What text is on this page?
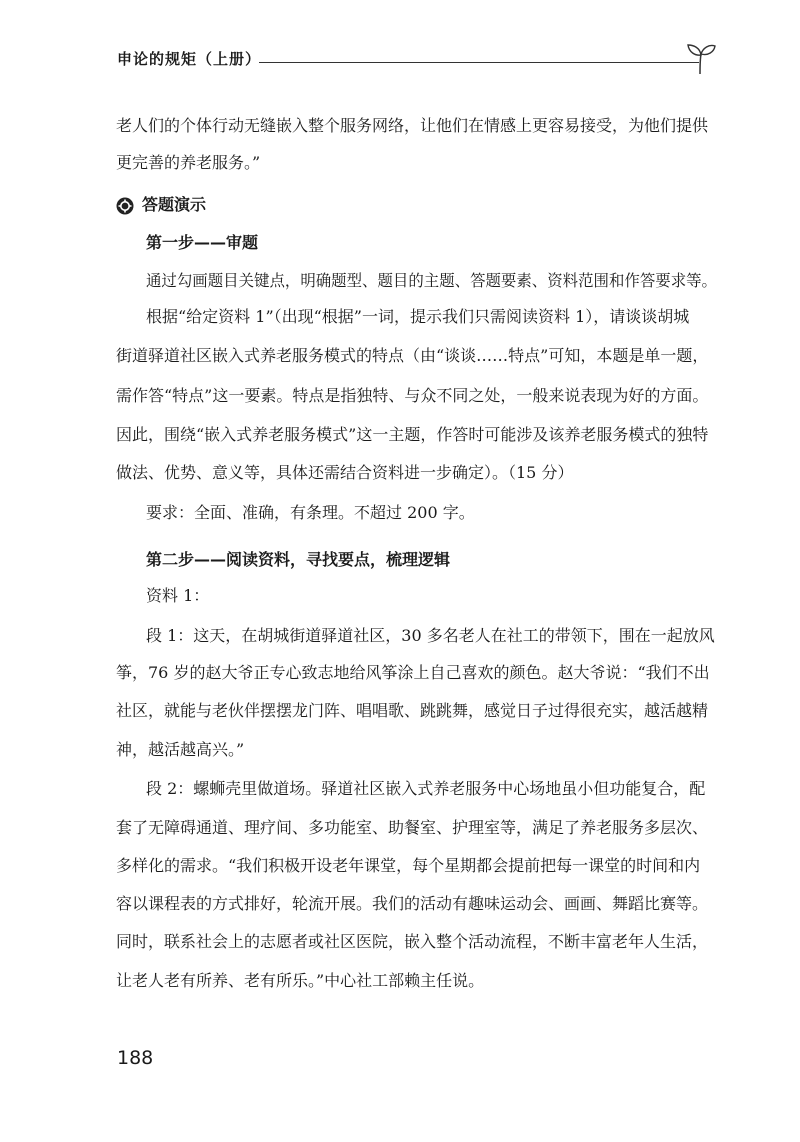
申论的规矩（上册）
老人们的个体行动无缝嵌入整个服务网络，让他们在情感上更容易接受，为他们提供
更完善的养老服务。”
答题演示
第一步——审题
通过勾画题目关键点，明确题型、题目的主题、答题要素、资料范围和作答要求等。
根据“给定资料 1”（出现“根据”一词，提示我们只需阅读资料 1），请谈谈胡城
街道驿道社区嵌入式养老服务模式的特点（由“谈谈……特点”可知，本题是单一题，
需作答“特点”这一要素。特点是指独特、与众不同之处，一般来说表现为好的方面。
因此，围绕“嵌入式养老服务模式”这一主题，作答时可能涉及该养老服务模式的独特
做法、优势、意义等，具体还需结合资料进一步确定）。（15 分）
要求：全面、准确，有条理。不超过 200 字。
第二步——阅读资料，寻找要点，梳理逻辑
资料 1：
段 1：这天，在胡城街道驿道社区，30 多名老人在社工的带领下，围在一起放风
筝，76 岁的赵大爷正专心致志地给风筝涂上自己喜欢的颜色。赵大爷说：“我们不出
社区，就能与老伙伴摆摆龙门阵、唱唱歌、跳跳舞，感觉日子过得很充实，越活越精
神，越活越高兴。”
段 2：螺蛳壳里做道场。驿道社区嵌入式养老服务中心场地虽小但功能复合，配
套了无障碍通道、理疗间、多功能室、助餐室、护理室等，满足了养老服务多层次、
多样化的需求。“我们积极开设老年课堂，每个星期都会提前把每一课堂的时间和内
容以课程表的方式排好，轮流开展。我们的活动有趣味运动会、画画、舞蹈比赛等。
同时，联系社会上的志愿者或社区医院，嵌入整个活动流程，不断丰富老年人生活，
让老人老有所养、老有所乐。”中心社工部赖主任说。
188
